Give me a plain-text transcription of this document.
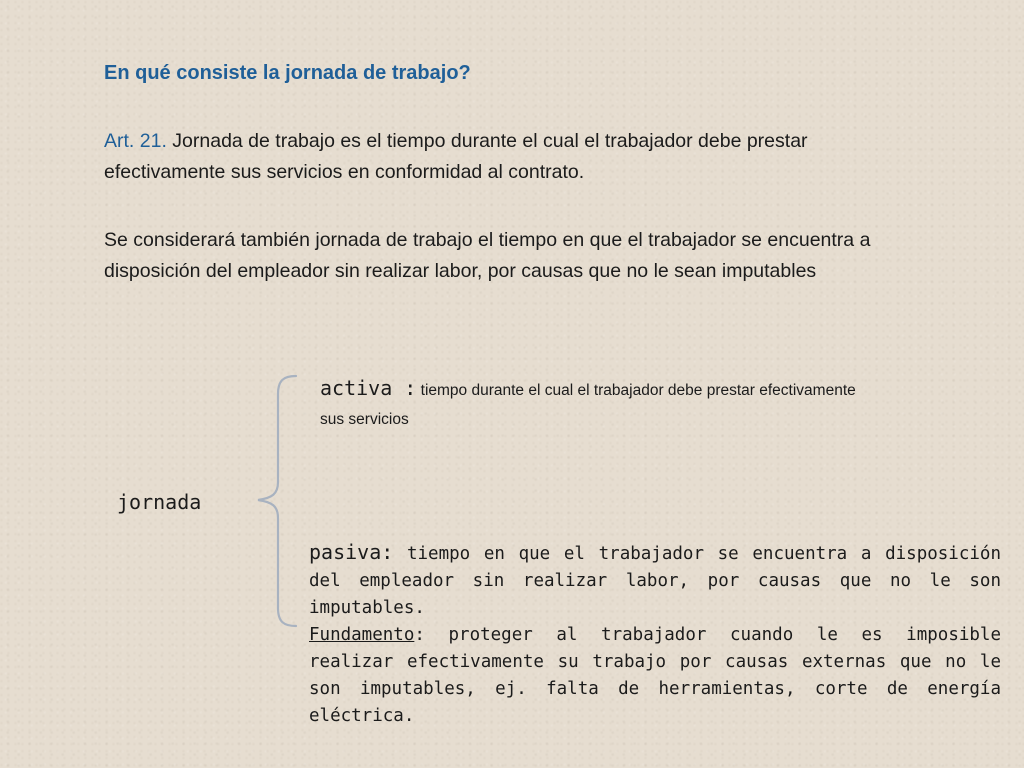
En qué consiste la jornada de trabajo?
Art. 21. Jornada de trabajo es el tiempo durante el cual el trabajador debe prestar efectivamente sus servicios en conformidad al contrato.
Se considerará también jornada de trabajo el tiempo en que el trabajador se encuentra a disposición del empleador sin realizar labor, por causas que no le sean imputables
activa : tiempo durante el cual el trabajador debe prestar efectivamente sus servicios
jornada

pasiva: tiempo en que el trabajador se encuentra a disposición del empleador sin realizar labor, por causas que no le son imputables.

Fundamento: proteger al trabajador cuando le es imposible realizar efectivamente su trabajo por causas externas que no le son imputables, ej. falta de herramientas, corte de energía eléctrica.
